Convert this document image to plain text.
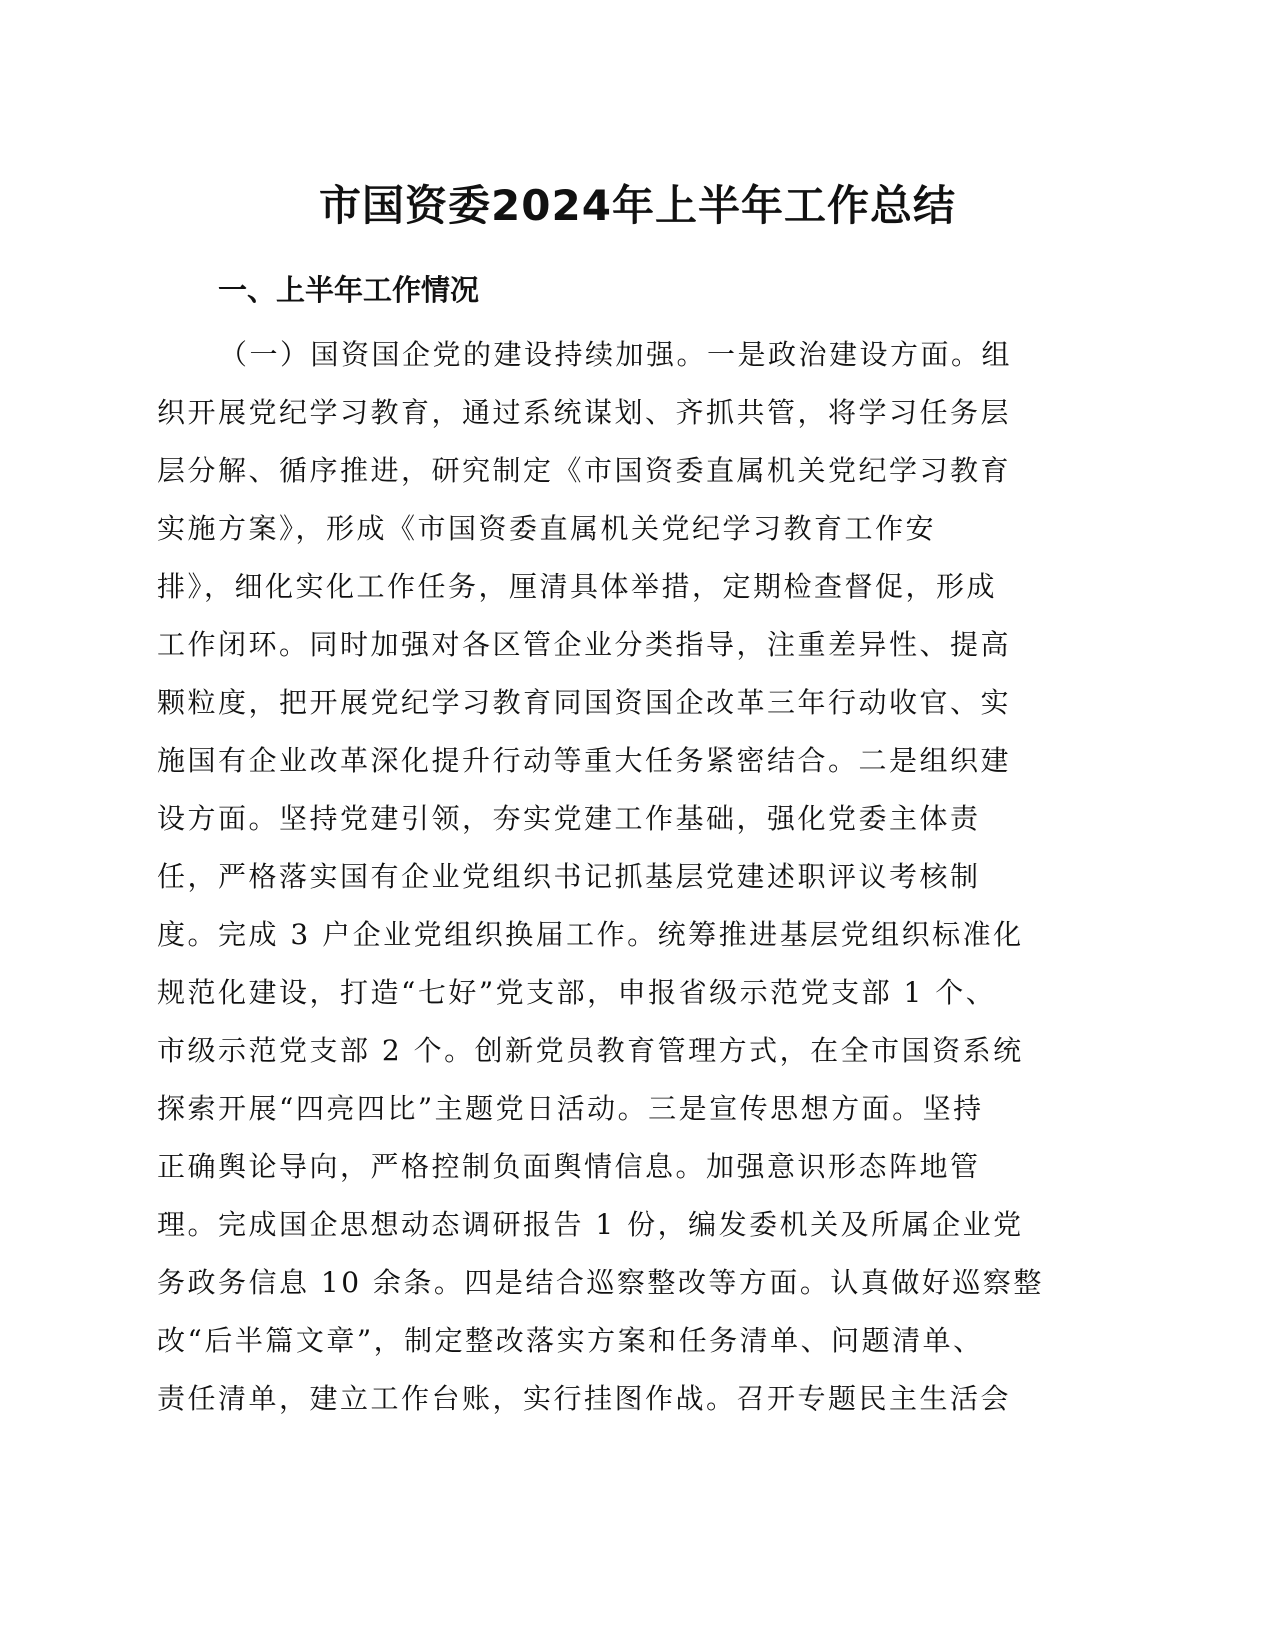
市国资委2024年上半年工作总结
一、上半年工作情况
（一）国资国企党的建设持续加强。一是政治建设方面。组
织开展党纪学习教育，通过系统谋划、齐抓共管，将学习任务层
层分解、循序推进，研究制定《市国资委直属机关党纪学习教育
实施方案》，形成《市国资委直属机关党纪学习教育工作安
排》，细化实化工作任务，厘清具体举措，定期检查督促，形成
工作闭环。同时加强对各区管企业分类指导，注重差异性、提高
颗粒度，把开展党纪学习教育同国资国企改革三年行动收官、实
施国有企业改革深化提升行动等重大任务紧密结合。二是组织建
设方面。坚持党建引领，夯实党建工作基础，强化党委主体责
任，严格落实国有企业党组织书记抓基层党建述职评议考核制
度。完成 3 户企业党组织换届工作。统筹推进基层党组织标准化
规范化建设，打造“七好”党支部，申报省级示范党支部 1 个、
市级示范党支部 2 个。创新党员教育管理方式，在全市国资系统
探索开展“四亮四比”主题党日活动。三是宣传思想方面。坚持
正确舆论导向，严格控制负面舆情信息。加强意识形态阵地管
理。完成国企思想动态调研报告 1 份，编发委机关及所属企业党
务政务信息 10 余条。四是结合巡察整改等方面。认真做好巡察整
改“后半篇文章”，制定整改落实方案和任务清单、问题清单、
责任清单，建立工作台账，实行挂图作战。召开专题民主生活会
